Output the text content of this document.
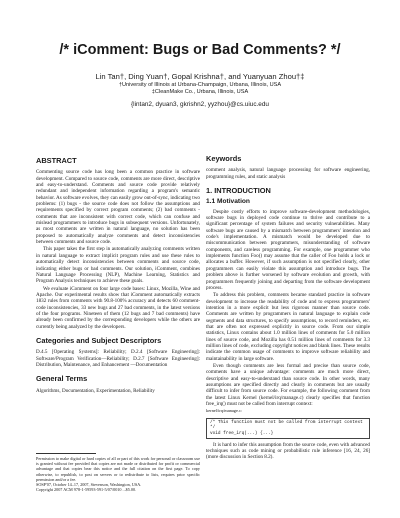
/* iComment: Bugs or Bad Comments? */
Lin Tan†, Ding Yuan†, Gopal Krishna†, and Yuanyuan Zhou†‡
†University of Illinois at Urbana-Champaign, Urbana, Illinois, USA
‡CleanMake Co., Urbana, Illinois, USA
{lintan2, dyuan3, gkrishn2, yyzhou}@cs.uiuc.edu
ABSTRACT

Commenting source code has long been a common practice in software development. Compared to source code, comments are more direct, descriptive and easy-to-understand. Comments and source code provide relatively redundant and independent information regarding a program's semantic behavior. As software evolves, they can easily grow out-of-sync, indicating two problems: (1) bugs - the source code does not follow the assumptions and requirements specified by correct program comments; (2) bad comments - comments that are inconsistent with correct code, which can confuse and mislead programmers to introduce bugs in subsequent versions. Unfortunately, as most comments are written in natural language, no solution has been proposed to automatically analyze comments and detect inconsistencies between comments and source code.

This paper takes the first step in automatically analyzing comments written in natural language to extract implicit program rules and use these rules to automatically detect inconsistencies between comments and source code, indicating either bugs or bad comments. Our solution, iComment, combines Natural Language Processing (NLP), Machine Learning, Statistics and Program Analysis techniques to achieve these goals.

We evaluate iComment on four large code bases: Linux, Mozilla, Wine and Apache. Our experimental results show that iComment automatically extracts 1832 rules from comments with 90.8-100% accuracy and detects 60 comment-code inconsistencies, 33 new bugs and 27 bad comments, in the latest versions of the four programs. Nineteen of them (12 bugs and 7 bad comments) have already been confirmed by the corresponding developers while the others are currently being analyzed by the developers.

Categories and Subject Descriptors

D.4.5 [Operating Systems]: Reliability; D.2.4 [Software Engineering]: Software/Program Verification—Reliability; D.2.7 [Software Engineering]: Distribution, Maintenance, and Enhancement —Documentation

General Terms

Algorithms, Documentation, Experimentation, Reliability

Permission to make digital or hard copies of all or part of this work for personal or classroom use is granted without fee provided that copies are not made or distributed for profit or commercial advantage and that copies bear this notice and the full citation on the first page. To copy otherwise, to republish, to post on servers or to redistribute to lists, requires prior specific permission and/or a fee.
SOSP'07, October 14–17, 2007, Stevenson, Washington, USA.
Copyright 2007 ACM 978-1-59593-591-5/07/0010 ...$5.00.
Keywords

comment analysis, natural language processing for software engineering, programming rules, and static analysis

1. INTRODUCTION
1.1 Motivation

Despite costly efforts to improve software-development methodologies, software bugs in deployed code continue to thrive and contribute to a significant percentage of system failures and security vulnerabilities. Many software bugs are caused by a mismatch between programmers' intention and code's implementation. A mismatch would be developed due to miscommunication between programmers, misunderstanding of software components, and careless programming. For example, one programmer who implements function Foo() may assume that the caller of Foo holds a lock or allocates a buffer. However, if such assumption is not specified clearly, other programmers can easily violate this assumption and introduce bugs. The problem above is further worsened by software evolution and growth, with programmers frequently joining and departing from the software development process.

To address this problem, comments became standard practice in software development to increase the readability of code and to express programmers' intention in a more explicit but less rigorous manner than source code. Comments are written by programmers in natural language to explain code segments and data structures, to specify assumptions, to record reminders, etc. that are often not expressed explicitly in source code. From our simple statistics, Linux contains about 1.0 million lines of comments for 5.0 million lines of source code, and Mozilla has 0.51 million lines of comments for 3.3 million lines of code, excluding copyright notices and blank lines. These results indicate the common usage of comments to improve software reliability and maintainability in large software.

Even though comments are less formal and precise than source code, comments have a unique advantage: comments are much more direct, descriptive and easy-to-understand than source code. In other words, many assumptions are specified directly and clearly in comments but are usually difficult to infer from source code. For example, the following comment from the latest Linux Kernel (kernel/irq/manage.c) clearly specifies that function free_irq() must not be called from interrupt context:

kernel/irq/manage.c:
/* This function must not be called from interrupt context */
void free_irq(...) {...}

It is hard to infer this assumption from the source code, even with advanced techniques such as code mining or probabilistic rule inference [16, 24, 26] (more discussion in Section 8.2).
